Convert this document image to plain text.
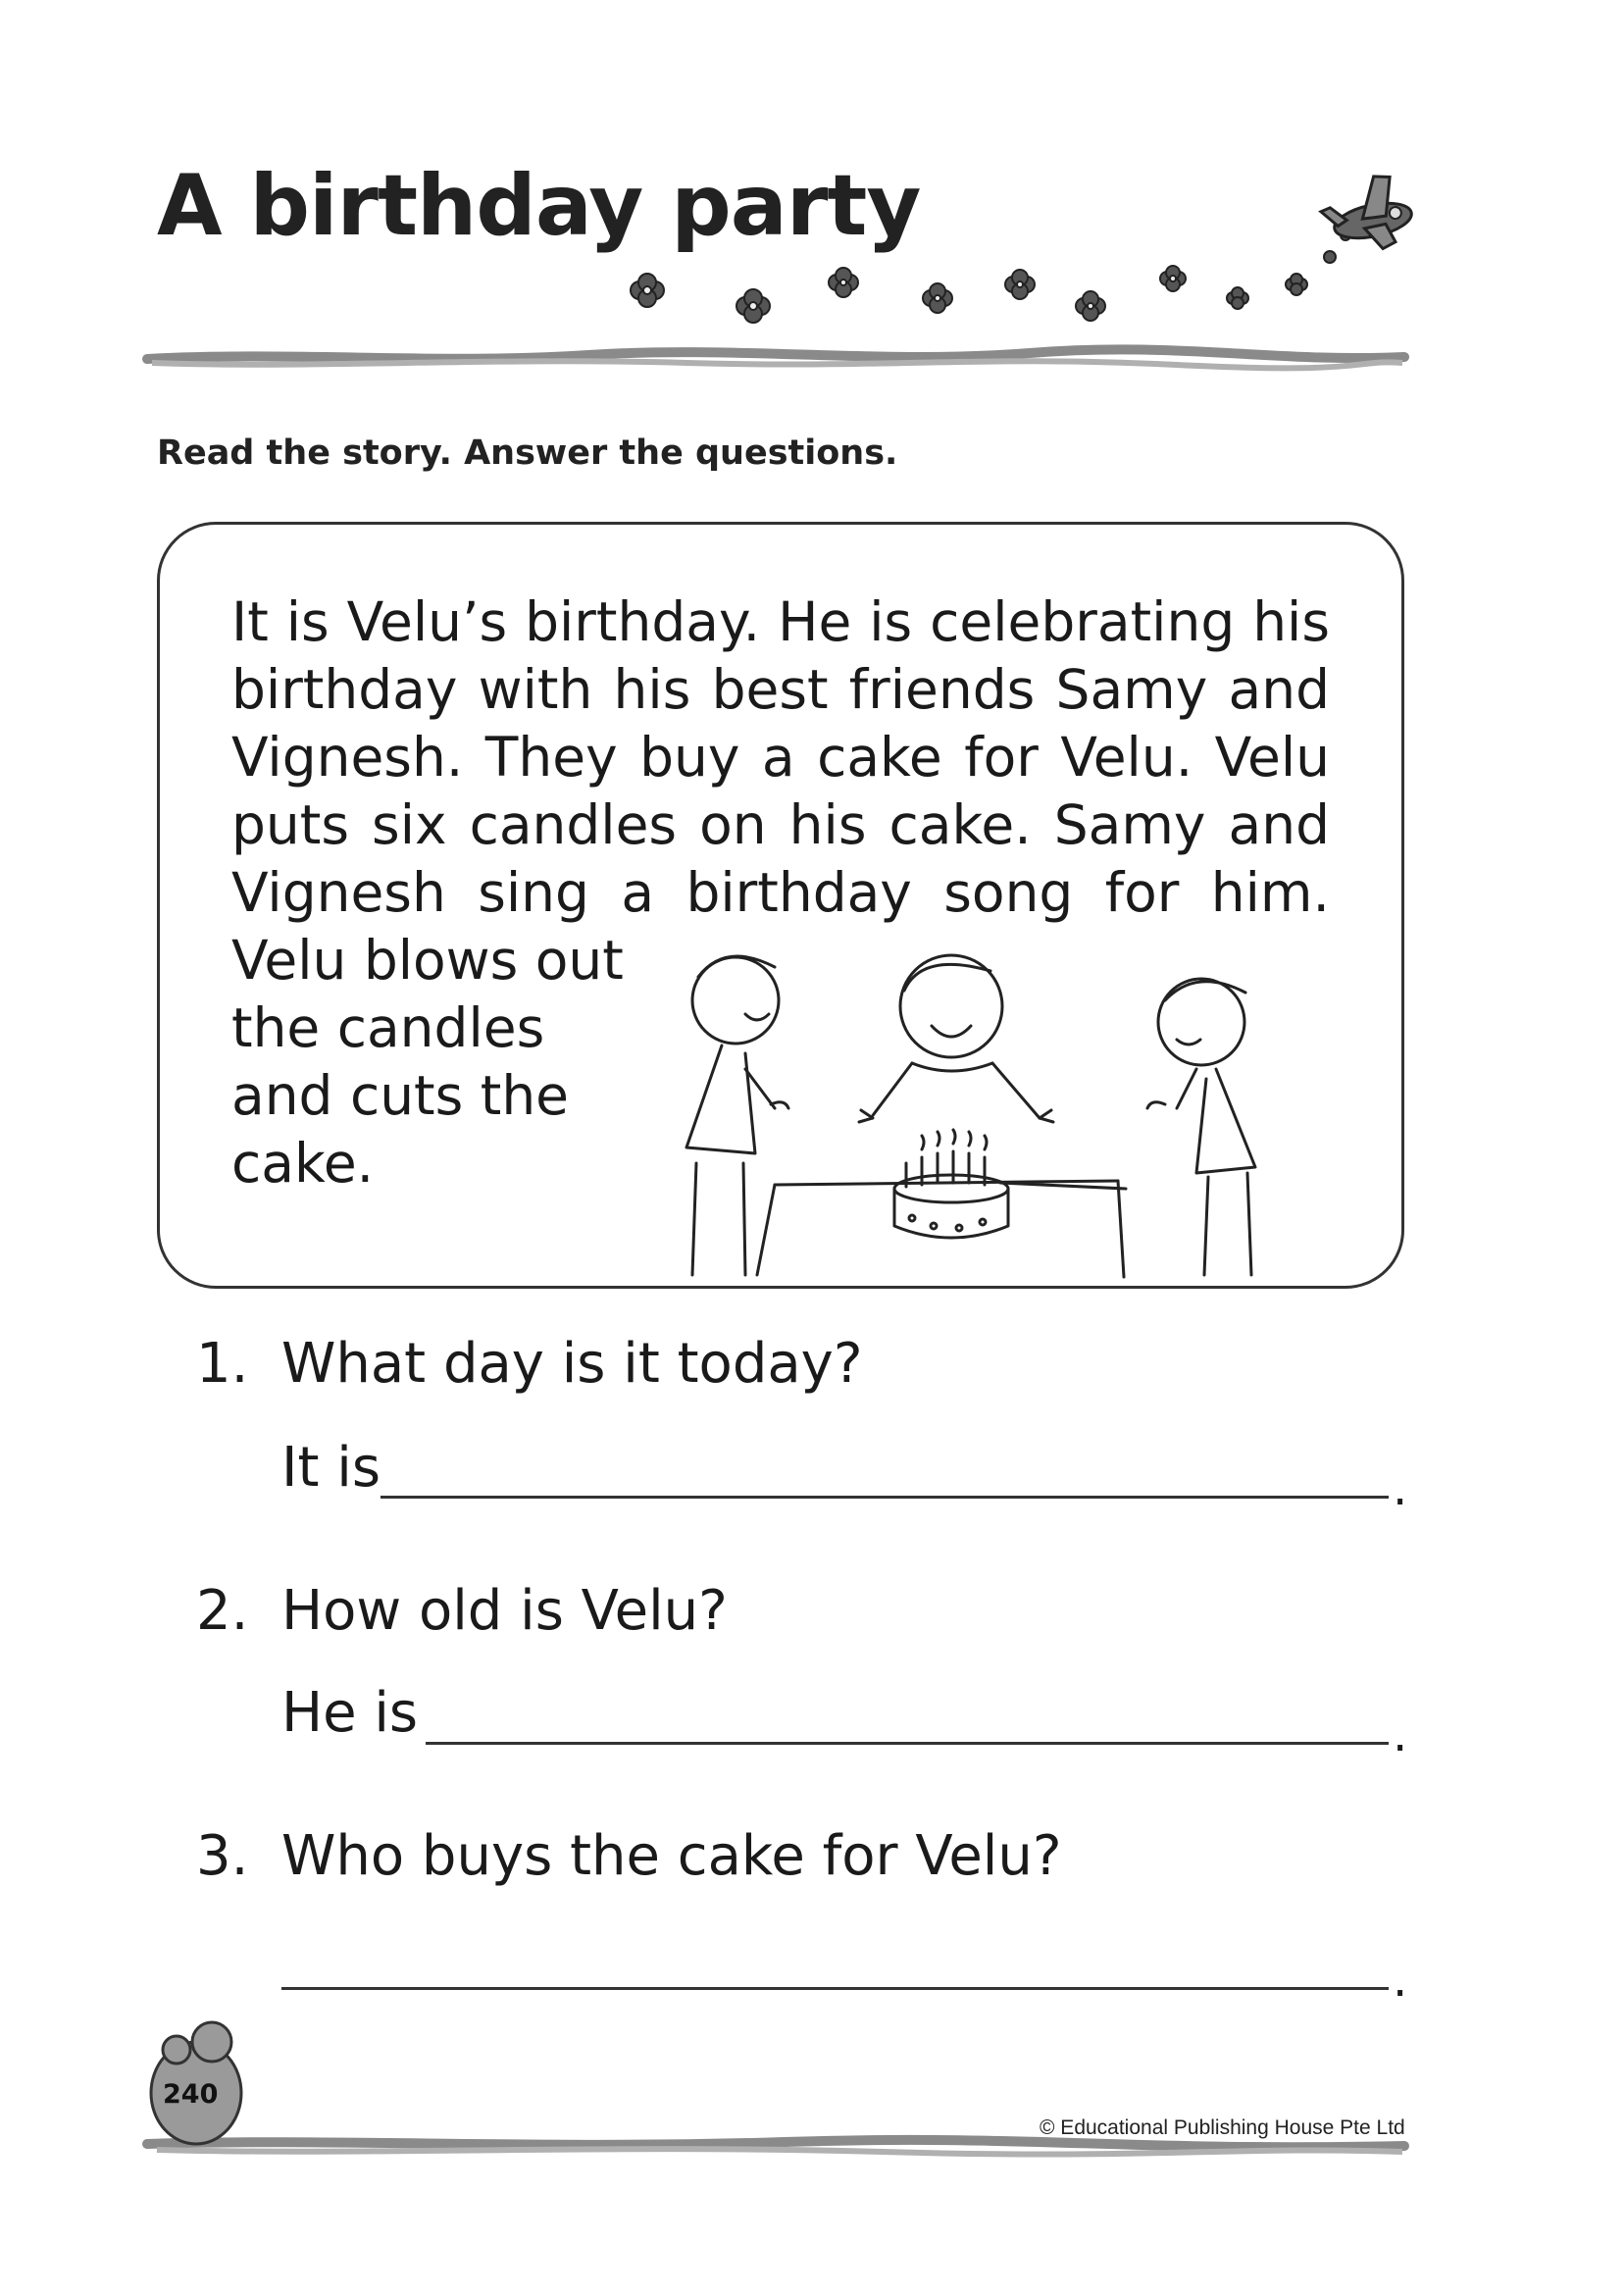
A birthday party
Read the story. Answer the questions.
It is Velu’s birthday. He is celebrating his
birthday with his best friends Samy and
Vignesh. They buy a cake for Velu. Velu
puts six candles on his cake. Samy and
Vignesh sing a birthday song for him.
Velu blows out
the candles
and cuts the
cake.
1. What day is it today?
It is	.
2. How old is Velu?
He is	.
3. Who buys the cake for Velu?
.
240
© Educational Publishing House Pte Ltd
